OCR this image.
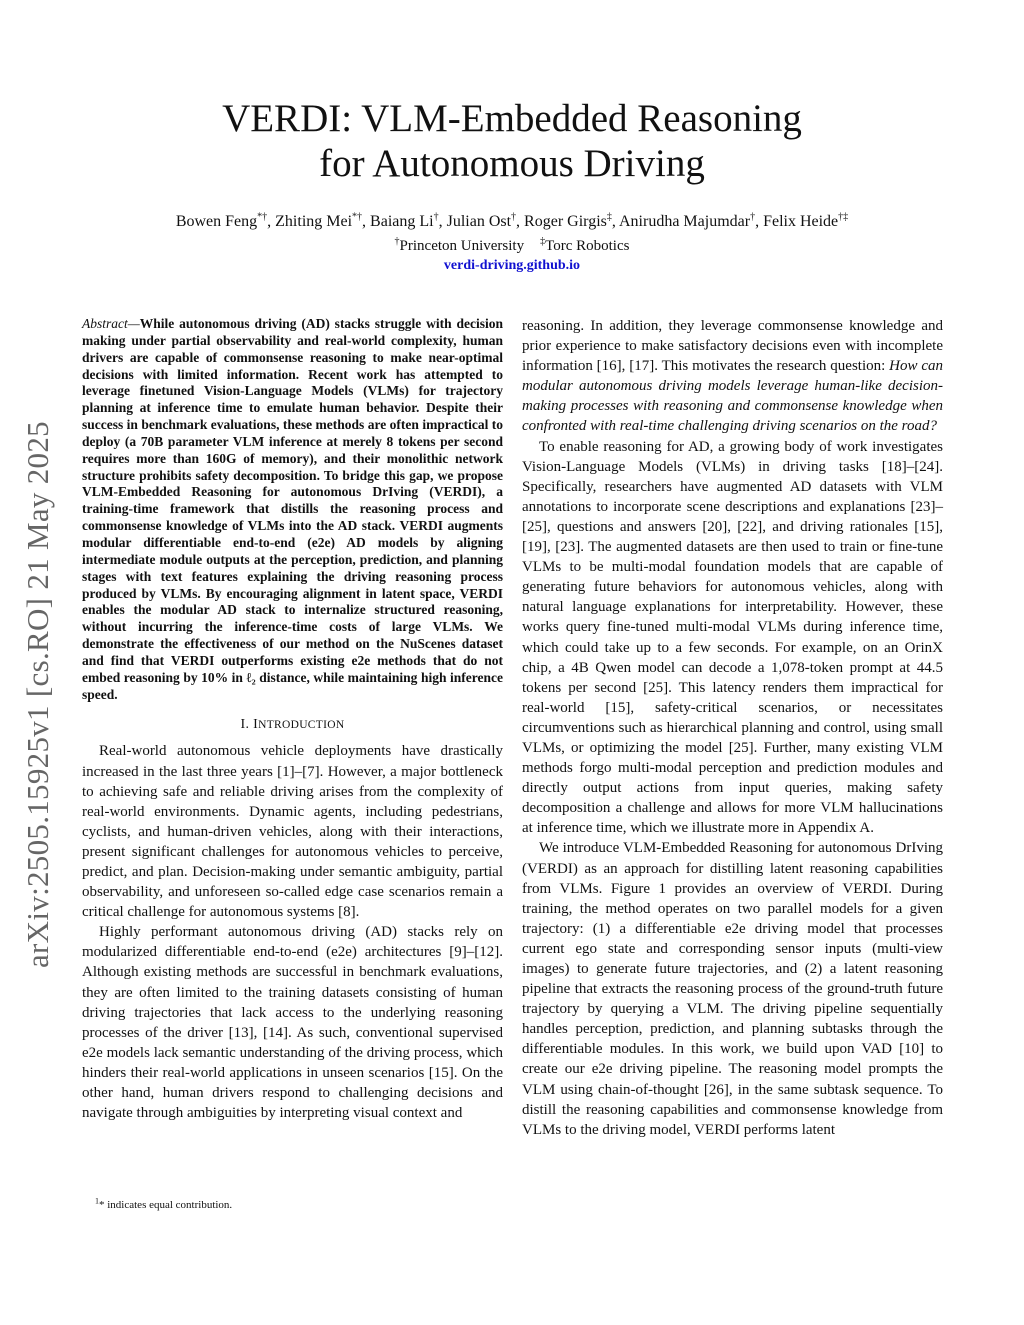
VERDI: VLM-Embedded Reasoning
for Autonomous Driving
Bowen Feng*†, Zhiting Mei*†, Baiang Li†, Julian Ost†, Roger Girgis‡, Anirudha Majumdar†, Felix Heide†‡
†Princeton University ‡Torc Robotics
verdi-driving.github.io
arXiv:2505.15925v1 [cs.RO] 21 May 2025

Abstract—While autonomous driving (AD) stacks struggle with decision making under partial observability and real-world complexity, human drivers are capable of commonsense reasoning to make near-optimal decisions with limited information. Recent work has attempted to leverage finetuned Vision-Language Models (VLMs) for trajectory planning at inference time to emulate human behavior. Despite their success in benchmark evaluations, these methods are often impractical to deploy (a 70B parameter VLM inference at merely 8 tokens per second requires more than 160G of memory), and their monolithic network structure prohibits safety decomposition. To bridge this gap, we propose VLM-Embedded Reasoning for autonomous DrIving (VERDI), a training-time framework that distills the reasoning process and commonsense knowledge of VLMs into the AD stack. VERDI augments modular differentiable end-to-end (e2e) AD models by aligning intermediate module outputs at the perception, prediction, and planning stages with text features explaining the driving reasoning process produced by VLMs. By encouraging alignment in latent space, VERDI enables the modular AD stack to internalize structured reasoning, without incurring the inference-time costs of large VLMs. We demonstrate the effectiveness of our method on the NuScenes dataset and find that VERDI outperforms existing e2e methods that do not embed reasoning by 10% in ℓ₂ distance, while maintaining high inference speed.

I. INTRODUCTION

Real-world autonomous vehicle deployments have drastically increased in the last three years [1]–[7]. However, a major bottleneck to achieving safe and reliable driving arises from the complexity of real-world environments. Dynamic agents, including pedestrians, cyclists, and human-driven vehicles, along with their interactions, present significant challenges for autonomous vehicles to perceive, predict, and plan. Decision-making under semantic ambiguity, partial observability, and unforeseen so-called edge case scenarios remain a critical challenge for autonomous systems [8].

Highly performant autonomous driving (AD) stacks rely on modularized differentiable end-to-end (e2e) architectures [9]–[12]. Although existing methods are successful in benchmark evaluations, they are often limited to the training datasets consisting of human driving trajectories that lack access to the underlying reasoning processes of the driver [13], [14]. As such, conventional supervised e2e models lack semantic understanding of the driving process, which hinders their real-world applications in unseen scenarios [15]. On the other hand, human drivers respond to challenging decisions and navigate through ambiguities by interpreting visual context and

reasoning. In addition, they leverage commonsense knowledge and prior experience to make satisfactory decisions even with incomplete information [16], [17]. This motivates the research question: How can modular autonomous driving models leverage human-like decision-making processes with reasoning and commonsense knowledge when confronted with real-time challenging driving scenarios on the road?

To enable reasoning for AD, a growing body of work investigates Vision-Language Models (VLMs) in driving tasks [18]–[24]. Specifically, researchers have augmented AD datasets with VLM annotations to incorporate scene descriptions and explanations [23]–[25], questions and answers [20], [22], and driving rationales [15], [19], [23]. The augmented datasets are then used to train or fine-tune VLMs to be multi-modal foundation models that are capable of generating future behaviors for autonomous vehicles, along with natural language explanations for interpretability. However, these works query fine-tuned multi-modal VLMs during inference time, which could take up to a few seconds. For example, on an OrinX chip, a 4B Qwen model can decode a 1,078-token prompt at 44.5 tokens per second [25]. This latency renders them impractical for real-world [15], safety-critical scenarios, or necessitates circumventions such as hierarchical planning and control, using small VLMs, or optimizing the model [25]. Further, many existing VLM methods forgo multi-modal perception and prediction modules and directly output actions from input queries, making safety decomposition a challenge and allows for more VLM hallucinations at inference time, which we illustrate more in Appendix A.

We introduce VLM-Embedded Reasoning for autonomous DrIving (VERDI) as an approach for distilling latent reasoning capabilities from VLMs. Figure 1 provides an overview of VERDI. During training, the method operates on two parallel models for a given trajectory: (1) a differentiable e2e driving model that processes current ego state and corresponding sensor inputs (multi-view images) to generate future trajectories, and (2) a latent reasoning pipeline that extracts the reasoning process of the ground-truth future trajectory by querying a VLM. The driving pipeline sequentially handles perception, prediction, and planning subtasks through the differentiable modules. In this work, we build upon VAD [10] to create our e2e driving pipeline. The reasoning model prompts the VLM using chain-of-thought [26], in the same subtask sequence. To distill the reasoning capabilities and commonsense knowledge from VLMs to the driving model, VERDI performs latent

$^1$* indicates equal contribution.
